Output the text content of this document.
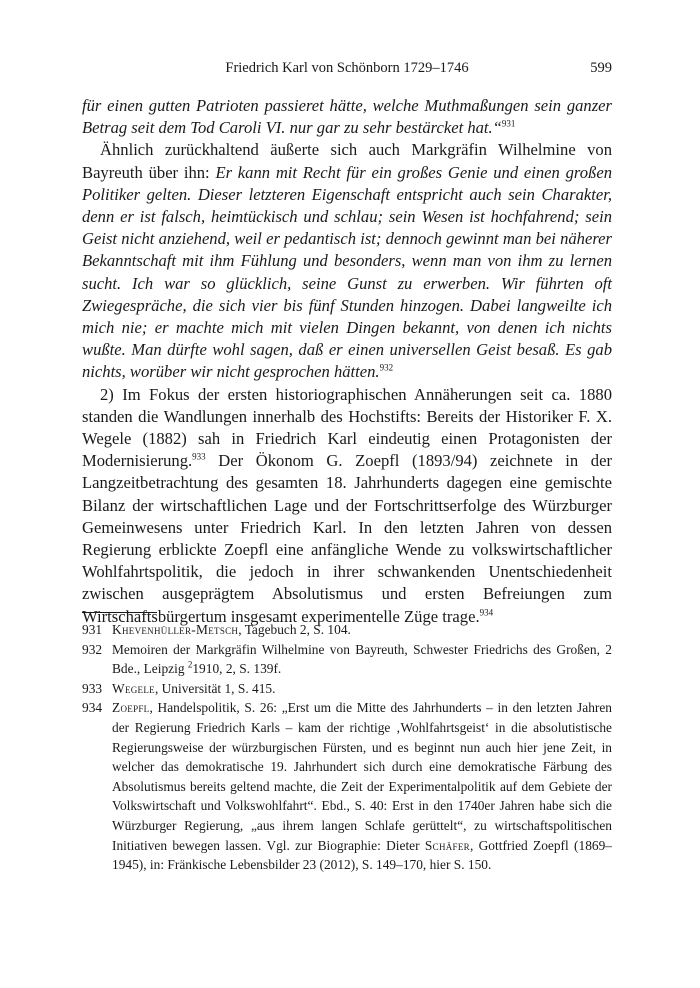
Friedrich Karl von Schönborn 1729–1746	599

für einen gutten Patrioten passieret hätte, welche Muthmaßungen sein ganzer Betrag seit dem Tod Caroli VI. nur gar zu sehr bestärcket hat.“$^{931}$

Ähnlich zurückhaltend äußerte sich auch Markgräfin Wilhelmine von Bayreuth über ihn: Er kann mit Recht für ein großes Genie und einen großen Politiker gelten. Dieser letzteren Eigenschaft entspricht auch sein Charakter, denn er ist falsch, heimtückisch und schlau; sein Wesen ist hochfahrend; sein Geist nicht anziehend, weil er pedantisch ist; dennoch gewinnt man bei näherer Bekanntschaft mit ihm Fühlung und besonders, wenn man von ihm zu lernen sucht. Ich war so glücklich, seine Gunst zu erwerben. Wir führten oft Zwiegespräche, die sich vier bis fünf Stunden hinzogen. Dabei langweilte ich mich nie; er machte mich mit vielen Dingen bekannt, von denen ich nichts wußte. Man dürfte wohl sagen, daß er einen universellen Geist besaß. Es gab nichts, worüber wir nicht gesprochen hätten.$^{932}$

2) Im Fokus der ersten historiographischen Annäherungen seit ca. 1880 standen die Wandlungen innerhalb des Hochstifts: Bereits der Historiker F. X. Wegele (1882) sah in Friedrich Karl eindeutig einen Protagonisten der Modernisierung.$^{933}$ Der Ökonom G. Zoepfl (1893/94) zeichnete in der Langzeitbetrachtung des gesamten 18. Jahrhunderts dagegen eine gemischte Bilanz der wirtschaftlichen Lage und der Fortschrittserfolge des Würzburger Gemeinwesens unter Friedrich Karl. In den letzten Jahren von dessen Regierung erblickte Zoepfl eine anfängliche Wende zu volkswirtschaftlicher Wohlfahrtspolitik, die jedoch in ihrer schwankenden Unentschiedenheit zwischen ausgeprägtem Absolutismus und ersten Befreiungen zum Wirtschaftsbürgertum insgesamt experimentelle Züge trage.$^{934}$

931 Khevenhüller-Metsch, Tagebuch 2, S. 104.
932 Memoiren der Markgräfin Wilhelmine von Bayreuth, Schwester Friedrichs des Großen, 2 Bde., Leipzig $^2$1910, 2, S. 139f.
933 Wegele, Universität 1, S. 415.
934 Zoepfl, Handelspolitik, S. 26: „Erst um die Mitte des Jahrhunderts – in den letzten Jahren der Regierung Friedrich Karls – kam der richtige ‚Wohlfahrtsgeist‘ in die absolutistische Regierungsweise der würzburgischen Fürsten, und es beginnt nun auch hier jene Zeit, in welcher das demokratische 19. Jahrhundert sich durch eine demokratische Färbung des Absolutismus bereits geltend machte, die Zeit der Experimentalpolitik auf dem Gebiete der Volkswirtschaft und Volkswohlfahrt“. Ebd., S. 40: Erst in den 1740er Jahren habe sich die Würzburger Regierung, „aus ihrem langen Schlafe gerüttelt“, zu wirtschaftspolitischen Initiativen bewegen lassen. Vgl. zur Biographie: Dieter Schäfer, Gottfried Zoepfl (1869–1945), in: Fränkische Lebensbilder 23 (2012), S. 149–170, hier S. 150.
